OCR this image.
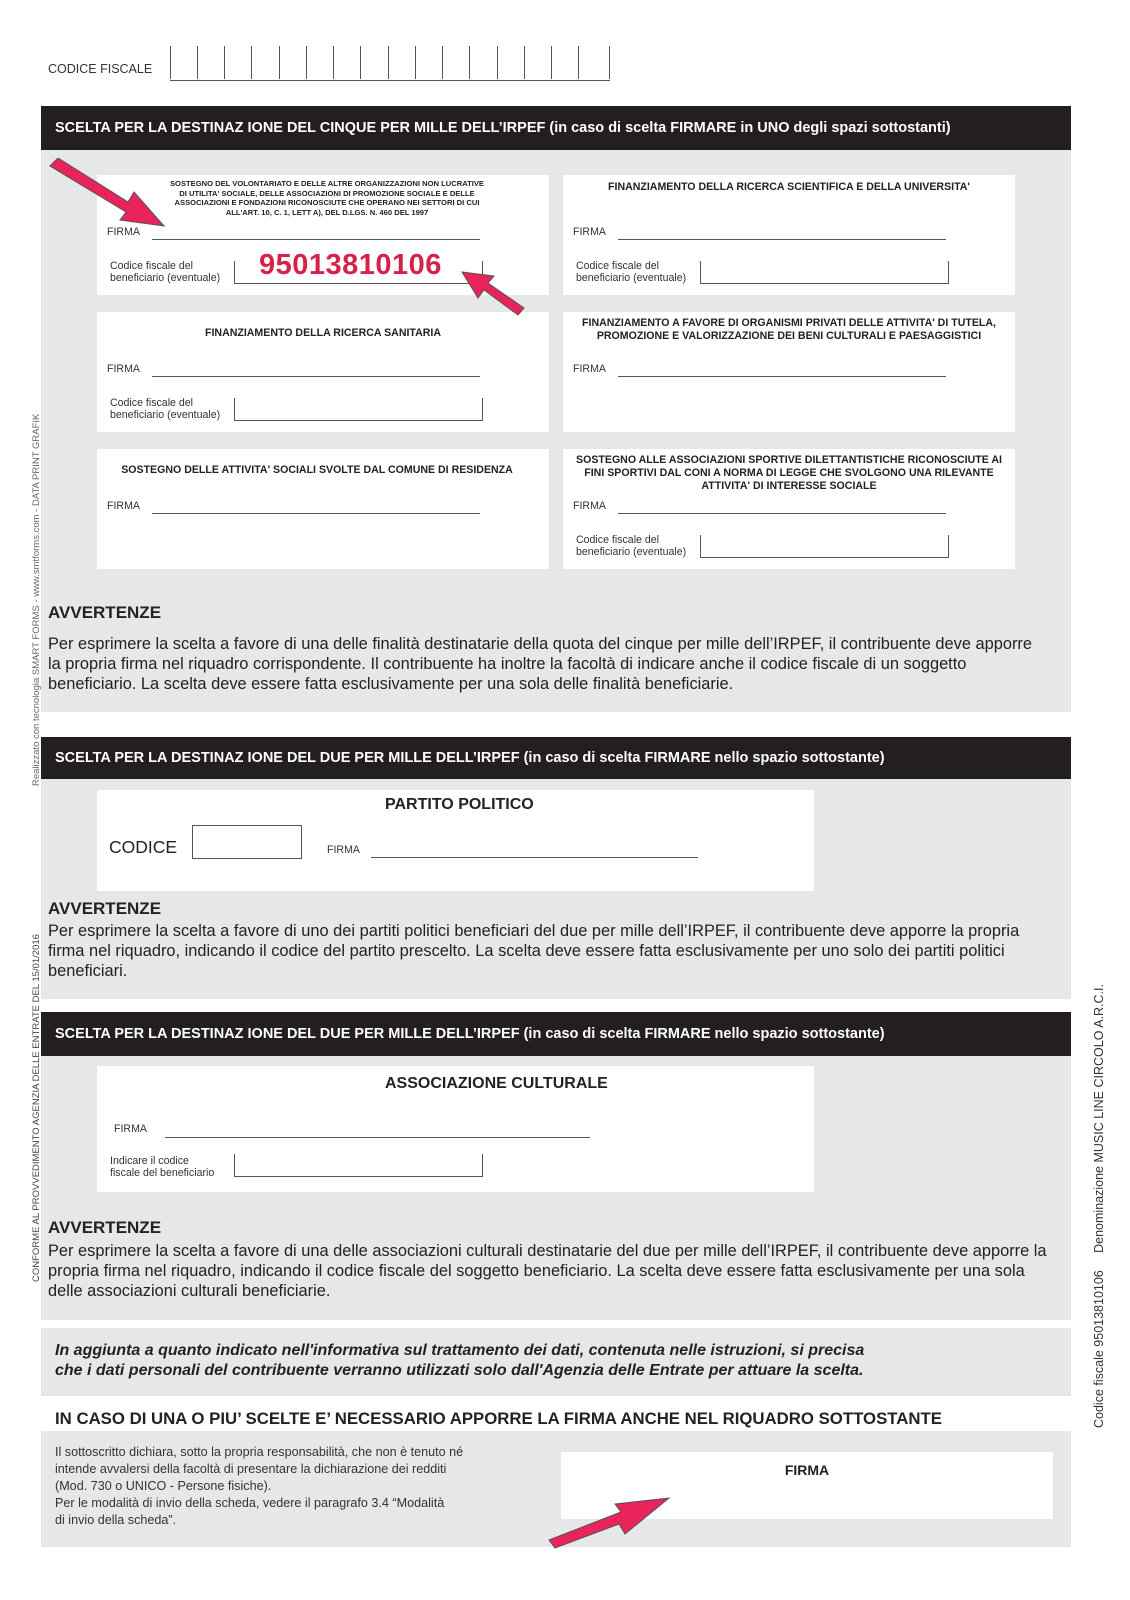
CODICE FISCALE
SCELTA PER LA DESTINAZ IONE DEL CINQUE PER MILLE DELL’IRPEF (in caso di scelta FIRMARE in UNO degli spazi sottostanti)
SOSTEGNO DEL VOLONTARIATO E DELLE ALTRE ORGANIZZAZIONI NON LUCRATIVE DI UTILITA' SOCIALE, DELLE ASSOCIAZIONI DI PROMOZIONE SOCIALE E DELLE ASSOCIAZIONI E FONDAZIONI RICONOSCIUTE CHE OPERANO NEI SETTORI DI CUI ALL'ART. 10, C. 1, LETT A), DEL D.LGS. N. 460 DEL 1997
FIRMA
Codice fiscale del
beneficiario (eventuale) 95013810106
FINANZIAMENTO DELLA RICERCA SCIENTIFICA E DELLA UNIVERSITA'
FIRMA
Codice fiscale del
beneficiario (eventuale)
FINANZIAMENTO DELLA RICERCA SANITARIA
FIRMA
Codice fiscale del
beneficiario (eventuale)
FINANZIAMENTO A FAVORE DI ORGANISMI PRIVATI DELLE ATTIVITA' DI TUTELA, PROMOZIONE E VALORIZZAZIONE DEI BENI CULTURALI E PAESAGGISTICI
FIRMA
SOSTEGNO DELLE ATTIVITA' SOCIALI SVOLTE DAL COMUNE DI RESIDENZA
FIRMA
SOSTEGNO ALLE ASSOCIAZIONI SPORTIVE DILETTANTISTICHE RICONOSCIUTE AI FINI SPORTIVI DAL CONI A NORMA DI LEGGE CHE SVOLGONO UNA RILEVANTE ATTIVITA' DI INTERESSE SOCIALE
FIRMA
Codice fiscale del
beneficiario (eventuale)
AVVERTENZE
Per esprimere la scelta a favore di una delle finalità destinatarie della quota del cinque per mille dell’IRPEF, il contribuente deve apporre la propria firma nel riquadro corrispondente. Il contribuente ha inoltre la facoltà di indicare anche il codice fiscale di un soggetto beneficiario. La scelta deve essere fatta esclusivamente per una sola delle finalità beneficiarie.
SCELTA PER LA DESTINAZ IONE DEL DUE PER MILLE DELL’IRPEF (in caso di scelta FIRMARE nello spazio sottostante)
PARTITO POLITICO
CODICE	FIRMA
AVVERTENZE
Per esprimere la scelta a favore di uno dei partiti politici beneficiari del due per mille dell’IRPEF, il contribuente deve apporre la propria firma nel riquadro, indicando il codice del partito prescelto. La scelta deve essere fatta esclusivamente per uno solo dei partiti politici beneficiari.
SCELTA PER LA DESTINAZ IONE DEL DUE PER MILLE DELL’IRPEF (in caso di scelta FIRMARE nello spazio sottostante)
ASSOCIAZIONE CULTURALE
FIRMA
Indicare il codice
fiscale del beneficiario
AVVERTENZE
Per esprimere la scelta a favore di una delle associazioni culturali destinatarie del due per mille dell’IRPEF, il contribuente deve apporre la propria firma nel riquadro, indicando il codice fiscale del soggetto beneficiario. La scelta deve essere fatta esclusivamente per una sola delle associazioni culturali beneficiarie.
In aggiunta a quanto indicato nell'informativa sul trattamento dei dati, contenuta nelle istruzioni, si precisa
che i dati personali del contribuente verranno utilizzati solo dall'Agenzia delle Entrate per attuare la scelta.
IN CASO DI UNA O PIU’ SCELTE E’ NECESSARIO APPORRE LA FIRMA ANCHE NEL RIQUADRO SOTTOSTANTE
Il sottoscritto dichiara, sotto la propria responsabilità, che non è tenuto né
intende avvalersi della facoltà di presentare la dichiarazione dei redditi
(Mod. 730 o UNICO - Persone fisiche).
Per le modalità di invio della scheda, vedere il paragrafo 3.4 “Modalità
di invio della scheda”.
FIRMA
Realizzato con tecnologia SMART FORMS - www.smtforms.com - DATA PRINT GRAFIK
CONFORME AL PROVVEDIMENTO AGENZIA DELLE ENTRATE DEL 15/01/2016	Codice fiscale 95013810106     Denominazione MUSIC LINE CIRCOLO A.R.C.I.
